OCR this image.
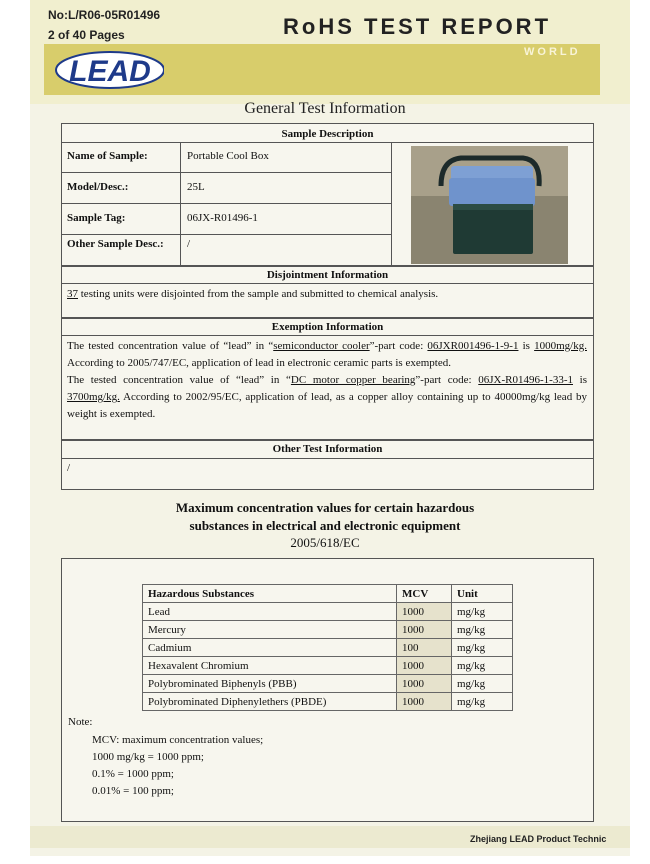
No:L/R06-05R01496
2 of 40 Pages	RoHS TEST REPORT
WORLD
LEAD
General Test Information
Sample Description
Name of Sample:	Portable Cool Box
Model/Desc.:	25L
Sample Tag:	06JX-R01496-1
Other Sample Desc.: /
Disjointment Information
37 testing units were disjointed from the sample and submitted to chemical analysis.
Exemption Information
The tested concentration value of “lead” in “semiconductor cooler”-part code: 06JXR001496-1-9-1 is 1000mg/kg. According to 2005/747/EC, application of lead in electronic ceramic parts is exempted.
The tested concentration value of “lead” in “DC motor copper bearing”-part code: 06JX-R01496-1-33-1 is 3700mg/kg. According to 2002/95/EC, application of lead, as a copper alloy containing up to 40000mg/kg lead by weight is exempted.
Other Test Information
/
Maximum concentration values for certain hazardous
substances in electrical and electronic equipment
2005/618/EC
Hazardous Substances	MCV	Unit
Lead	1000	mg/kg
Mercury	1000	mg/kg
Cadmium	100	mg/kg
Hexavalent Chromium	1000	mg/kg
Polybrominated Biphenyls (PBB)	1000	mg/kg
Polybrominated Diphenylethers (PBDE)	1000	mg/kg
Note:
MCV: maximum concentration values;
1000 mg/kg = 1000 ppm;
0.1% = 1000 ppm;
0.01% = 100 ppm;
Zhejiang LEAD Product Technic
